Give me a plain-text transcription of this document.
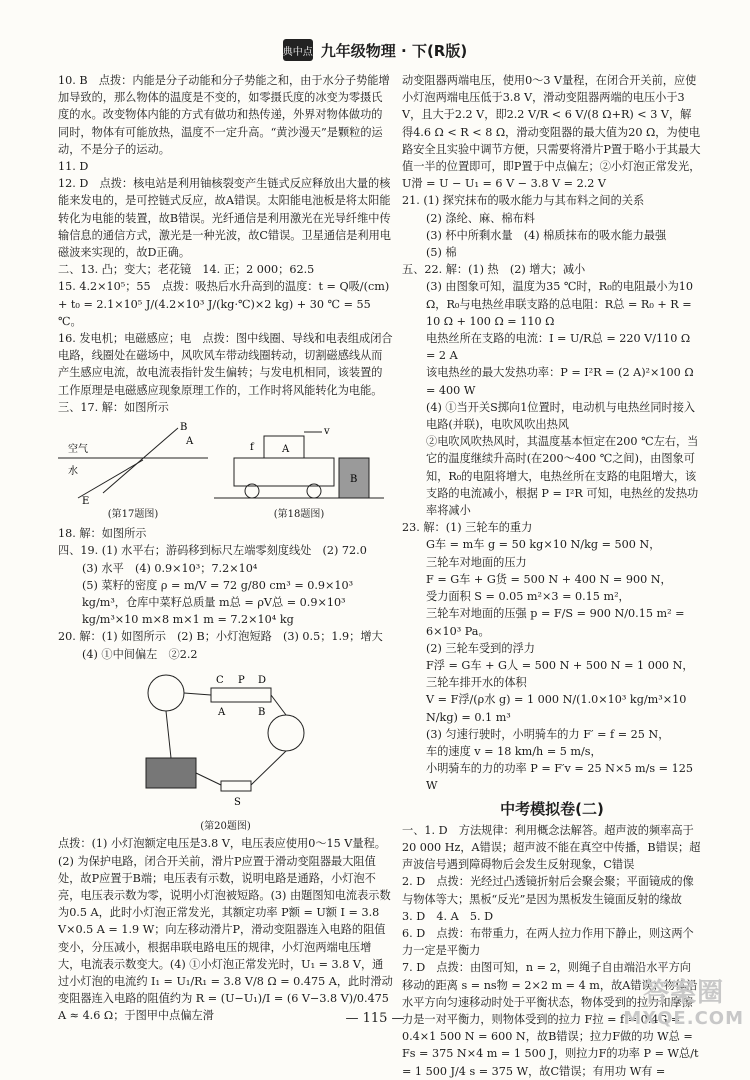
典中点 九年级物理 · 下(R版)

10. B　点拨：内能是分子动能和分子势能之和，由于水分子势能增加导致的，那么物体的温度是不变的，如零摄氏度的冰变为零摄氏度的水。改变物体内能的方式有做功和热传递，外界对物体做功的同时，物体有可能放热，温度不一定升高。“黄沙漫天”是颗粒的运动，不是分子的运动。

11. D

12. D　点拨：核电站是利用铀核裂变产生链式反应释放出大量的核能来发电的，是可控链式反应，故A错误。太阳能电池板是将太阳能转化为电能的装置，故B错误。光纤通信是利用激光在光导纤维中传输信息的通信方式，激光是一种光波，故C错误。卫星通信是利用电磁波来实现的，故D正确。

二、13. 凸；变大；老花镜　14. 正；2 000；62.5

15. 4.2×10⁵；55　点拨：吸热后水升高到的温度：t = Q吸/(cm) + t₀ = 2.1×10⁵ J/(4.2×10³ J/(kg·℃)×2 kg) + 30 ℃ = 55 ℃。

16. 发电机；电磁感应；电　点拨：图中线圈、导线和电表组成闭合电路，线圈处在磁场中，风吹风车带动线圈转动，切割磁感线从而产生感应电流，故电流表指针发生偏转；与发电机相同，该装置的工作原理是电磁感应现象原理工作的，工作时将风能转化为电能。

三、17. 解：如图所示

空气
水
B
A
E
(第17题图)
v
A
f
B
(第18题图)

18. 解：如图所示

四、19. (1) 水平右；游码移到标尺左端零刻度线处　(2) 72.0

(3) 水平　(4) 0.9×10³；7.2×10⁴

(5) 菜籽的密度 ρ = m/V = 72 g/80 cm³ = 0.9×10³ kg/m³，仓库中菜籽总质量 m总 = ρV总 = 0.9×10³ kg/m³×10 m×8 m×1 m = 7.2×10⁴ kg

20. 解：(1) 如图所示　(2) B；小灯泡短路　(3) 0.5；1.9；增大

(4) ①中间偏左　②2.2

C P D
A	B
S
(第20题图)

点拨：(1) 小灯泡额定电压是3.8 V，电压表应使用0～15 V量程。(2) 为保护电路，闭合开关前，滑片P应置于滑动变阻器最大阻值处，故P应置于B端；电压表有示数，说明电路是通路，小灯泡不亮，电压表示数为零，说明小灯泡被短路。(3) 由题图知电流表示数为0.5 A，此时小灯泡正常发光，其额定功率 P额 = U额 I = 3.8 V×0.5 A = 1.9 W；向左移动滑片P，滑动变阻器连入电路的阻值变小，分压减小，根据串联电路电压的规律，小灯泡两端电压增大，电流表示数变大。(4) ①小灯泡正常发光时，U₁ = 3.8 V，通过小灯泡的电流约 I₁ = U₁/R₁ = 3.8 V/8 Ω = 0.475 A，此时滑动变阻器连入电路的阻值约为 R = (U−U₁)/I = (6 V−3.8 V)/0.475 A ≈ 4.6 Ω；于图甲中点偏左滑

动变阻器两端电压，使用0～3 V量程，在闭合开关前，应使小灯泡两端电压低于3.8 V，滑动变阻器两端的电压小于3 V，且大于2.2 V，即2.2 V/R < 6 V/(8 Ω+R) < 3 V，解得4.6 Ω < R < 8 Ω，滑动变阻器的最大值为20 Ω，为使电路安全且实验中调节方便，只需要将滑片P置于略小于其最大值一半的位置即可，即P置于中点偏左；②小灯泡正常发光，U滑 = U − U₁ = 6 V − 3.8 V = 2.2 V

21. (1) 探究抹布的吸水能力与其布料之间的关系

(2) 涤纶、麻、棉布料

(3) 杯中所剩水量　(4) 棉质抹布的吸水能力最强

(5) 棉

五、22. 解：(1) 热　(2) 增大；减小

(3) 由图象可知，温度为35 ℃时，R₀的电阻最小为10 Ω，R₀与电热丝串联支路的总电阻：R总 = R₀ + R = 10 Ω + 100 Ω = 110 Ω

电热丝所在支路的电流：I = U/R总 = 220 V/110 Ω = 2 A

该电热丝的最大发热功率：P = I²R = (2 A)²×100 Ω = 400 W

(4) ①当开关S掷向1位置时，电动机与电热丝同时接入电路(并联)，电吹风吹出热风

②电吹风吹热风时，其温度基本恒定在200 ℃左右，当它的温度继续升高时(在200～400 ℃之间)，由图象可知，R₀的电阻将增大，电热丝所在支路的电阻增大，该支路的电流减小，根据 P = I²R 可知，电热丝的发热功率将减小

23. 解：(1) 三轮车的重力

G车 = m车 g = 50 kg×10 N/kg = 500 N，

三轮车对地面的压力

F = G车 + G货 = 500 N + 400 N = 900 N，

受力面积 S = 0.05 m²×3 = 0.15 m²，

三轮车对地面的压强 p = F/S = 900 N/0.15 m² = 6×10³ Pa。

(2) 三轮车受到的浮力

F浮 = G车 + G人 = 500 N + 500 N = 1 000 N，

三轮车排开水的体积

V = F浮/(ρ水 g) = 1 000 N/(1.0×10³ kg/m³×10 N/kg) = 0.1 m³

(3) 匀速行驶时，小明骑车的力 F′ = f = 25 N，

车的速度 v = 18 km/h = 5 m/s，

小明骑车的力的功率 P = F′v = 25 N×5 m/s = 125 W

中考模拟卷(二)

一、1. D　方法规律：利用概念法解答。超声波的频率高于20 000 Hz，A错误；超声波不能在真空中传播，B错误；超声波信号遇到障碍物后会发生反射现象，C错误

2. D　点拨：光经过凸透镜折射后会聚会聚；平面镜成的像与物体等大；黑板“反光”是因为黑板发生镜面反射的缘故

3. D　4. A　5. D

6. D　点拨：布带重力，在两人拉力作用下静止，则这两个力一定是平衡力

7. D　点拨：由图可知，n = 2，则绳子自由端沿水平方向移动的距离 s = ns物 = 2×2 m = 4 m，故A错误；物体沿水平方向匀速移动时处于平衡状态，物体受到的拉力和摩擦力是一对平衡力，则物体受到的拉力 F拉 = f = 0.4G = 0.4×1 500 N = 600 N，故B错误；拉力F做的功 W总 = Fs = 375 N×4 m = 1 500 J，则拉力F的功率 P = W总/t = 1 500 J/4 s = 375 W，故C错误；有用功 W有 =

— 115 —
答案圈
MXQE.COM
